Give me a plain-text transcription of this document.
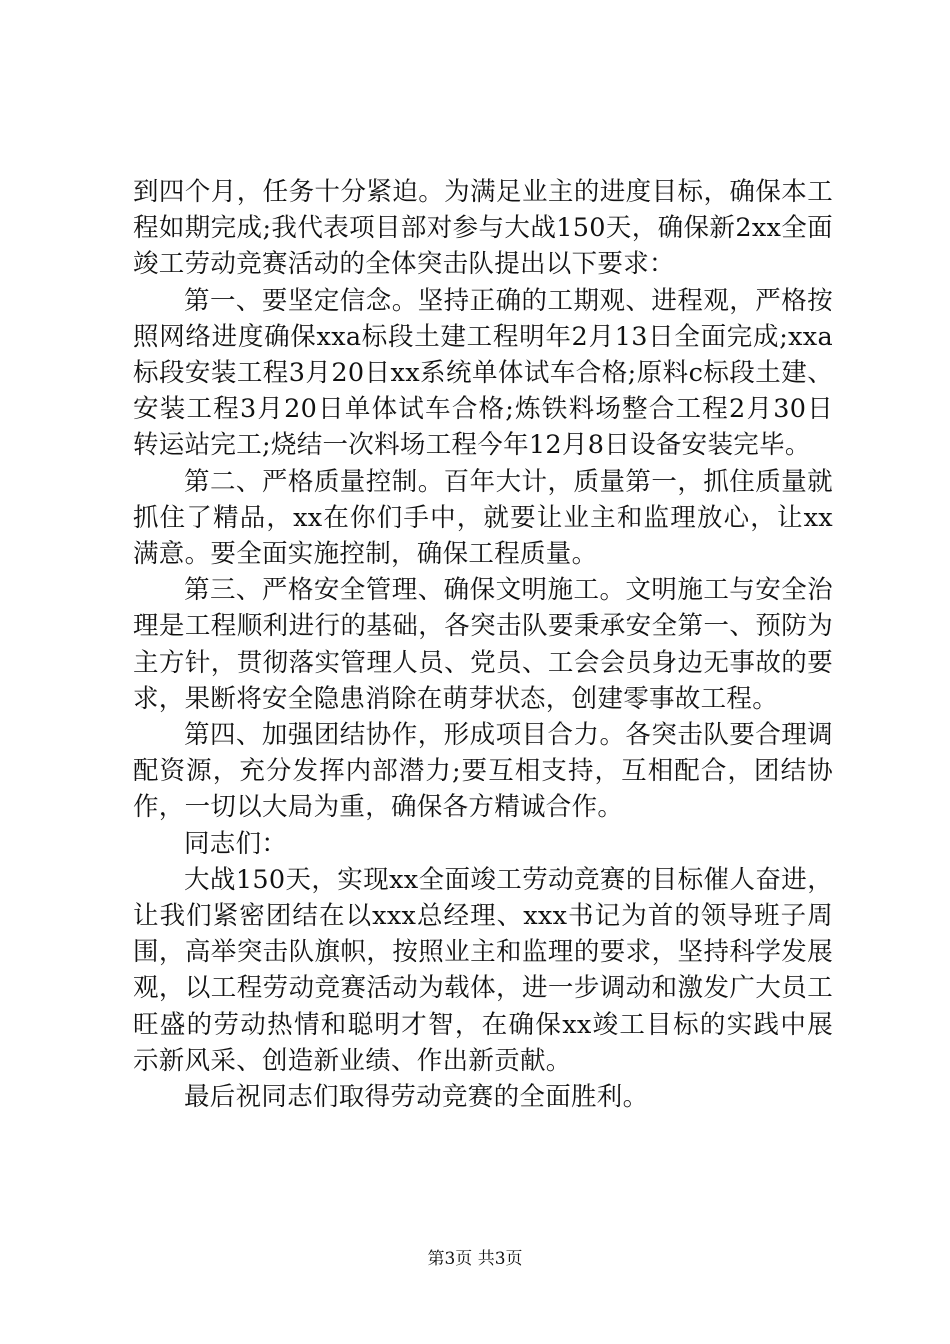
到四个月，任务十分紧迫。为满足业主的进度目标，确保本工程如期完成;我代表项目部对参与大战150天，确保新2xx全面竣工劳动竞赛活动的全体突击队提出以下要求：

第一、要坚定信念。坚持正确的工期观、进程观，严格按照网络进度确保xxa标段土建工程明年2月13日全面完成;xxa标段安装工程3月20日xx系统单体试车合格;原料c标段土建、安装工程3月20日单体试车合格;炼铁料场整合工程2月30日转运站完工;烧结一次料场工程今年12月8日设备安装完毕。

第二、严格质量控制。百年大计，质量第一，抓住质量就抓住了精品，xx在你们手中，就要让业主和监理放心，让xx满意。要全面实施控制，确保工程质量。

第三、严格安全管理、确保文明施工。文明施工与安全治理是工程顺利进行的基础，各突击队要秉承安全第一、预防为主方针，贯彻落实管理人员、党员、工会会员身边无事故的要求，果断将安全隐患消除在萌芽状态，创建零事故工程。

第四、加强团结协作，形成项目合力。各突击队要合理调配资源，充分发挥内部潜力;要互相支持，互相配合，团结协作，一切以大局为重，确保各方精诚合作。

同志们：

大战150天，实现xx全面竣工劳动竞赛的目标催人奋进，让我们紧密团结在以xxx总经理、xxx书记为首的领导班子周围，高举突击队旗帜，按照业主和监理的要求，坚持科学发展观，以工程劳动竞赛活动为载体，进一步调动和激发广大员工旺盛的劳动热情和聪明才智，在确保xx竣工目标的实践中展示新风采、创造新业绩、作出新贡献。

最后祝同志们取得劳动竞赛的全面胜利。

第3页 共3页
